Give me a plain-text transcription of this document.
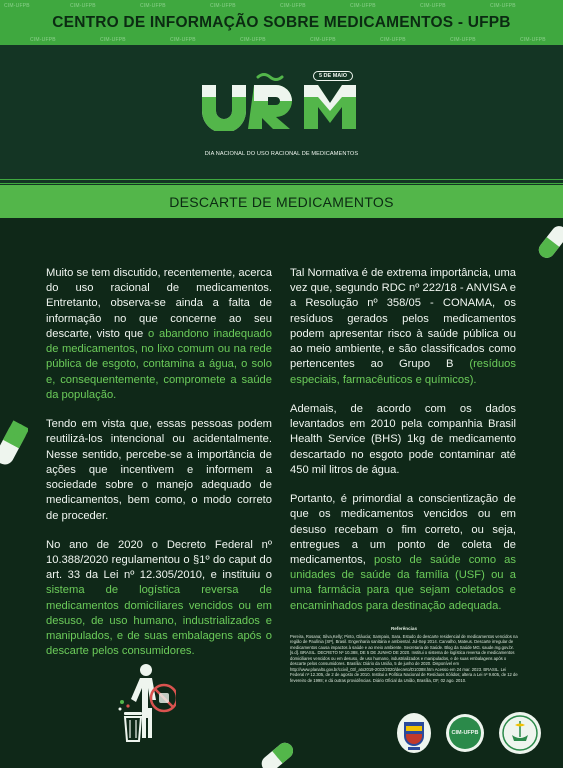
CIM-UFPB	CIM-UFPB	CIM-UFPB	CIM-UFPB	CIM-UFPB	CIM-UFPB	CIM-UFPB	CIM-UFPB
CIM-UFPB	CIM-UFPB	CIM-UFPB	CIM-UFPB	CIM-UFPB	CIM-UFPB	CIM-UFPB	CIM-UFPB
CENTRO DE INFORMAÇÃO SOBRE MEDICAMENTOS - UFPB
5 DE MAIO
DIA NACIONAL DO USO RACIONAL DE MEDICAMENTOS
DESCARTE DE MEDICAMENTOS

Muito se tem discutido, recentemente, acerca do uso racional de medicamentos. Entretanto, observa-se ainda a falta de informação no que concerne ao seu descarte, visto que o abandono inadequado de medicamentos, no lixo comum ou na rede pública de esgoto, contamina a água, o solo e, consequentemente, compromete a saúde da população.

Tendo em vista que, essas pessoas podem reutilizá-los intencional ou acidentalmente. Nesse sentido, percebe-se a importância de ações que incentivem e informem a sociedade sobre o manejo adequado de medicamentos, bem como, o modo correto de proceder.

No ano de 2020 o Decreto Federal nº 10.388/2020 regulamentou o §1º do caput do art. 33 da Lei nº 12.305/2010, e instituiu o sistema de logística reversa de medicamentos domiciliares vencidos ou em desuso, de uso humano, industrializados e manipulados, e de suas embalagens após o descarte pelos consumidores.

Tal Normativa é de extrema importância, uma vez que, segundo RDC nº 222/18 - ANVISA e a Resolução nº 358/05 - CONAMA, os resíduos gerados pelos medicamentos podem apresentar risco à saúde pública ou ao meio ambiente, e são classificados como pertencentes ao Grupo B (resíduos especiais, farmacêuticos e químicos).

Ademais, de acordo com os dados levantados em 2010 pela companhia Brasil Health Service (BHS) 1kg de medicamento descartado no esgoto pode contaminar até 450 mil litros de água.

Portanto, é primordial a conscientização de que os medicamentos vencidos ou em desuso recebam o fim correto, ou seja, entregues a um ponto de coleta de medicamentos, posto de saúde como as unidades de saúde da família (USF) ou a uma farmácia para que sejam coletados e encaminhados para destinação adequada.

Referências
Pereira, Rosana; Silva,Kelly; Pinto, Gláucia; Sampaio, Sara. Estudo do descarte residencial de medicamentos vencidos na região de Paulínia (SP), Brasil. Engenharia sanitária e ambiental. Jul-Sep 2014. Carvalho, Mateus. Descarte irregular de medicamentos causa impactos à saúde e ao meio ambiente. Secretaria de Saúde. Blog da Saúde MG. saude.mg.gov.br. [s.d]. BRASIL. DECRETO Nº 10.388, DE 5 DE JUNHO DE 2020. Institui o sistema de logística reversa de medicamentos domiciliares vencidos ou em desuso, de uso humano, industrializados e manipulados, e de suas embalagens após o descarte pelos consumidores. Brasília: Diário da União, 5 de junho de 2020. Disponível em http://www.planalto.gov.br/ccivil_03/_ato2019-2022/2020/decreto/D10388.htm Acesso em 24 mar. 2023. BRASIL. Lei Federal nº 12.305, de 2 de agosto de 2010. Institui a Política Nacional de Resíduos Sólidos; altera a Lei nº 9.605, de 12 de fevereiro de 1998; e dá outras providências. Diário Oficial da União, Brasília, DF, 02 ago. 2010.
CIM-UFPB
